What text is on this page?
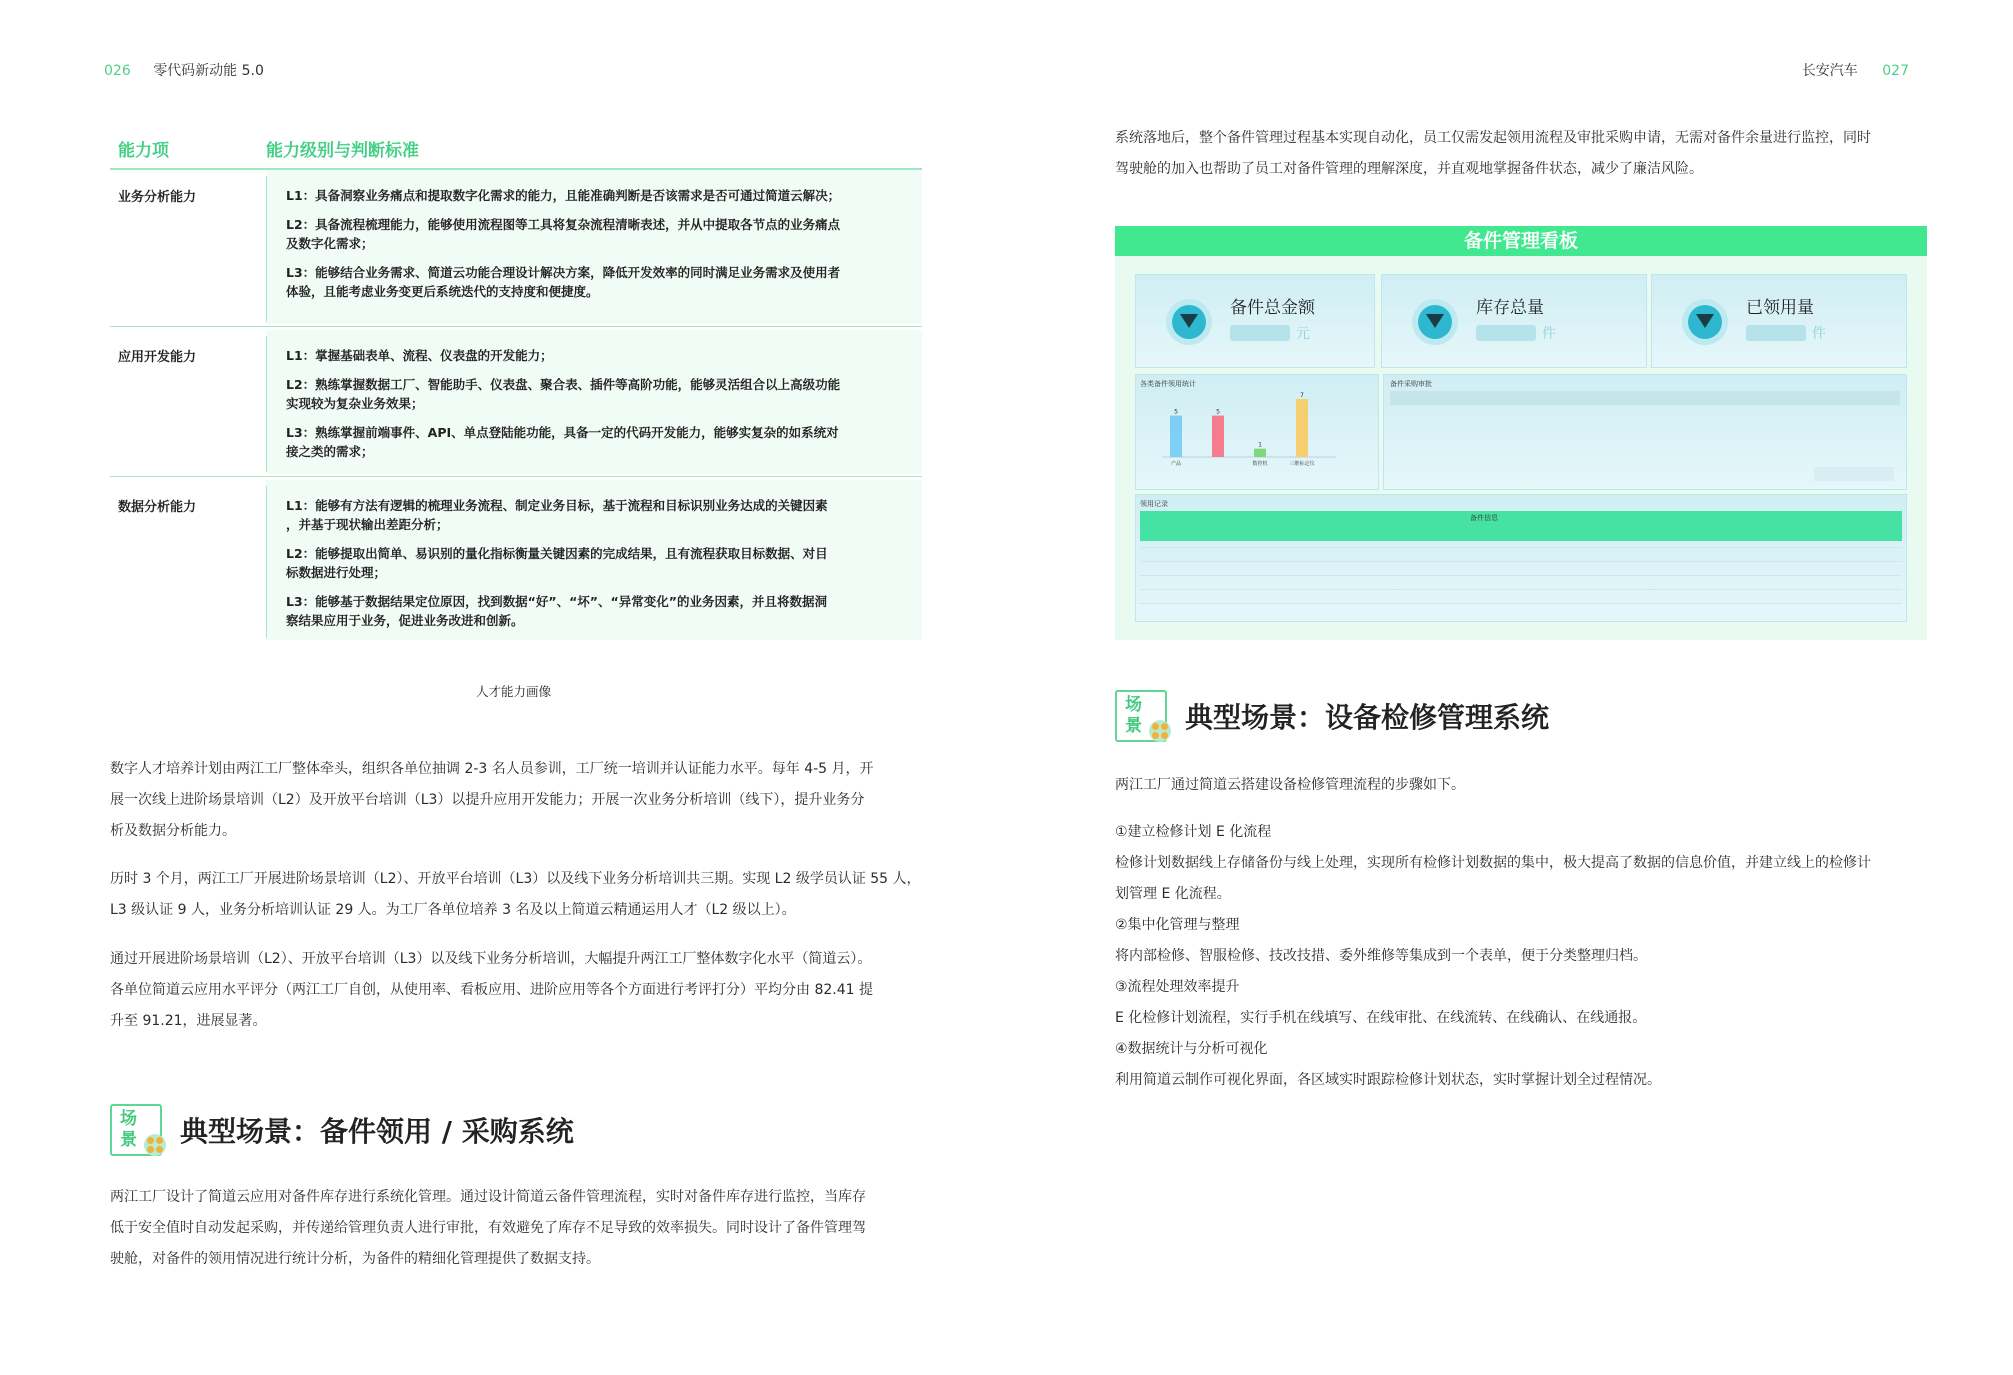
026 零代码新动能 5.0	长安汽车 027
能力项	能力级别与判断标准
业务分析能力	L1：具备洞察业务痛点和提取数字化需求的能力，且能准确判断是否该需求是否可通过简道云解决；

L2：具备流程梳理能力，能够使用流程图等工具将复杂流程清晰表述，并从中提取各节点的业务痛点
及数字化需求；

L3：能够结合业务需求、简道云功能合理设计解决方案，降低开发效率的同时满足业务需求及使用者
体验，且能考虑业务变更后系统迭代的支持度和便捷度。

应用开发能力	L1：掌握基础表单、流程、仪表盘的开发能力；

L2：熟练掌握数据工厂、智能助手、仪表盘、聚合表、插件等高阶功能，能够灵活组合以上高级功能
实现较为复杂业务效果；

L3：熟练掌握前端事件、API、单点登陆能功能，具备一定的代码开发能力，能够实复杂的如系统对
接之类的需求；

数据分析能力	L1：能够有方法有逻辑的梳理业务流程、制定业务目标，基于流程和目标识别业务达成的关键因素
，并基于现状输出差距分析；

L2：能够提取出简单、易识别的量化指标衡量关键因素的完成结果，且有流程获取目标数据、对目
标数据进行处理；

L3：能够基于数据结果定位原因，找到数据“好”、“坏”、“异常变化”的业务因素，并且将数据洞
察结果应用于业务，促进业务改进和创新。

人才能力画像
数字人才培养计划由两江工厂整体牵头，组织各单位抽调 2-3 名人员参训，工厂统一培训并认证能力水平。每年 4-5 月，开
展一次线上进阶场景培训（L2）及开放平台培训（L3）以提升应用开发能力；开展一次业务分析培训（线下），提升业务分
析及数据分析能力。
历时 3 个月，两江工厂开展进阶场景培训（L2）、开放平台培训（L3）以及线下业务分析培训共三期。实现 L2 级学员认证 55 人，
L3 级认证 9 人，业务分析培训认证 29 人。为工厂各单位培养 3 名及以上简道云精通运用人才（L2 级以上）。
通过开展进阶场景培训（L2）、开放平台培训（L3）以及线下业务分析培训，大幅提升两江工厂整体数字化水平（简道云）。
各单位简道云应用水平评分（两江工厂自创，从使用率、看板应用、进阶应用等各个方面进行考评打分）平均分由 82.41 提
升至 91.21，进展显著。
场
景 典型场景：备件领用 / 采购系统
两江工厂设计了简道云应用对备件库存进行系统化管理。通过设计简道云备件管理流程，实时对备件库存进行监控，当库存
低于安全值时自动发起采购，并传递给管理负责人进行审批，有效避免了库存不足导致的效率损失。同时设计了备件管理驾
驶舱，对备件的领用情况进行统计分析，为备件的精细化管理提供了数据支持。
系统落地后，整个备件管理过程基本实现自动化，员工仅需发起领用流程及审批采购申请，无需对备件余量进行监控，同时
驾驶舱的加入也帮助了员工对备件管理的理解深度，并直观地掌握备件状态，减少了廉洁风险。
备件管理看板
备件总金额
元
库存总量
件
已领用量
件
各类备件领用统计
5
产品
5
1
数控机
7
三维标定仪
备件采购审批
领用记录
备件信息
场
景 典型场景：设备检修管理系统
两江工厂通过简道云搭建设备检修管理流程的步骤如下。
①建立检修计划 E 化流程
检修计划数据线上存储备份与线上处理，实现所有检修计划数据的集中，极大提高了数据的信息价值，并建立线上的检修计
划管理 E 化流程。
②集中化管理与整理
将内部检修、智服检修、技改技措、委外维修等集成到一个表单，便于分类整理归档。
③流程处理效率提升
E 化检修计划流程，实行手机在线填写、在线审批、在线流转、在线确认、在线通报。
④数据统计与分析可视化
利用简道云制作可视化界面，各区域实时跟踪检修计划状态，实时掌握计划全过程情况。
